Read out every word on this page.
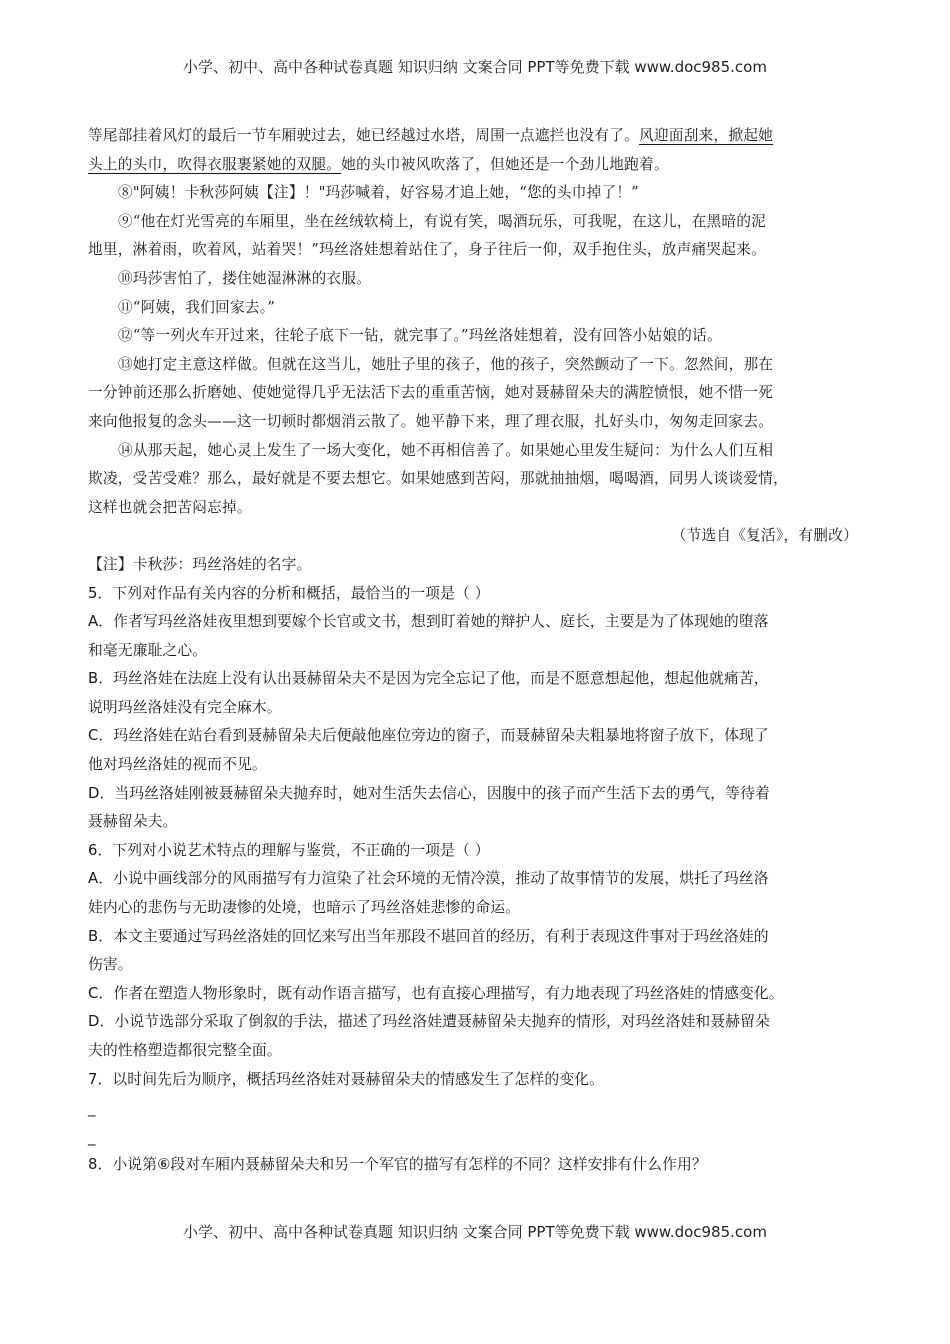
小学、初中、高中各种试卷真题 知识归纳 文案合同 PPT等免费下载 www.doc985.com
等尾部挂着风灯的最后一节车厢驶过去，她已经越过水塔，周围一点遮拦也没有了。风迎面刮来，掀起她
头上的头巾，吹得衣服裹紧她的双腿。她的头巾被风吹落了，但她还是一个劲儿地跑着。
⑧"阿姨！卡秋莎阿姨【注】！"玛莎喊着，好容易才追上她，“您的头巾掉了！”
⑨“他在灯光雪亮的车厢里，坐在丝绒软椅上，有说有笑，喝酒玩乐，可我呢，在这儿，在黑暗的泥
地里，淋着雨，吹着风，站着哭！”玛丝洛娃想着站住了，身子往后一仰，双手抱住头，放声痛哭起来。
⑩玛莎害怕了，搂住她湿淋淋的衣服。
⑪“阿姨，我们回家去。”
⑫“等一列火车开过来，往轮子底下一钻，就完事了。”玛丝洛娃想着，没有回答小姑娘的话。
⑬她打定主意这样做。但就在这当儿，她肚子里的孩子，他的孩子，突然颤动了一下。忽然间，那在
一分钟前还那么折磨她、使她觉得几乎无法活下去的重重苦恼，她对聂赫留朵夫的满腔愤恨，她不惜一死
来向他报复的念头——这一切顿时都烟消云散了。她平静下来，理了理衣服，扎好头巾，匆匆走回家去。
⑭从那天起，她心灵上发生了一场大变化，她不再相信善了。如果她心里发生疑问：为什么人们互相
欺凌，受苦受难？那么，最好就是不要去想它。如果她感到苦闷，那就抽抽烟，喝喝酒，同男人谈谈爱情，
这样也就会把苦闷忘掉。
（节选自《复活》，有删改）
【注】卡秋莎：玛丝洛娃的名字。
5．下列对作品有关内容的分析和概括，最恰当的一项是（ ）
A．作者写玛丝洛娃夜里想到要嫁个长官或文书，想到盯着她的辩护人、庭长，主要是为了体现她的堕落
和毫无廉耻之心。
B．玛丝洛娃在法庭上没有认出聂赫留朵夫不是因为完全忘记了他，而是不愿意想起他，想起他就痛苦，
说明玛丝洛娃没有完全麻木。
C．玛丝洛娃在站台看到聂赫留朵夫后便敲他座位旁边的窗子，而聂赫留朵夫粗暴地将窗子放下，体现了
他对玛丝洛娃的视而不见。
D．当玛丝洛娃刚被聂赫留朵夫抛弃时，她对生活失去信心，因腹中的孩子而产生活下去的勇气，等待着
聂赫留朵夫。
6．下列对小说艺术特点的理解与鉴赏，不正确的一项是（ ）
A．小说中画线部分的风雨描写有力渲染了社会环境的无情冷漠，推动了故事情节的发展，烘托了玛丝洛
娃内心的悲伤与无助凄惨的处境，也暗示了玛丝洛娃悲惨的命运。
B．本文主要通过写玛丝洛娃的回忆来写出当年那段不堪回首的经历，有利于表现这件事对于玛丝洛娃的
伤害。
C．作者在塑造人物形象时，既有动作语言描写，也有直接心理描写，有力地表现了玛丝洛娃的情感变化。
D．小说节选部分采取了倒叙的手法，描述了玛丝洛娃遭聂赫留朵夫抛弃的情形，对玛丝洛娃和聂赫留朵
夫的性格塑造都很完整全面。
7．以时间先后为顺序，概括玛丝洛娃对聂赫留朵夫的情感发生了怎样的变化。
_
_
8．小说第⑥段对车厢内聂赫留朵夫和另一个军官的描写有怎样的不同？这样安排有什么作用？
小学、初中、高中各种试卷真题 知识归纳 文案合同 PPT等免费下载 www.doc985.com
